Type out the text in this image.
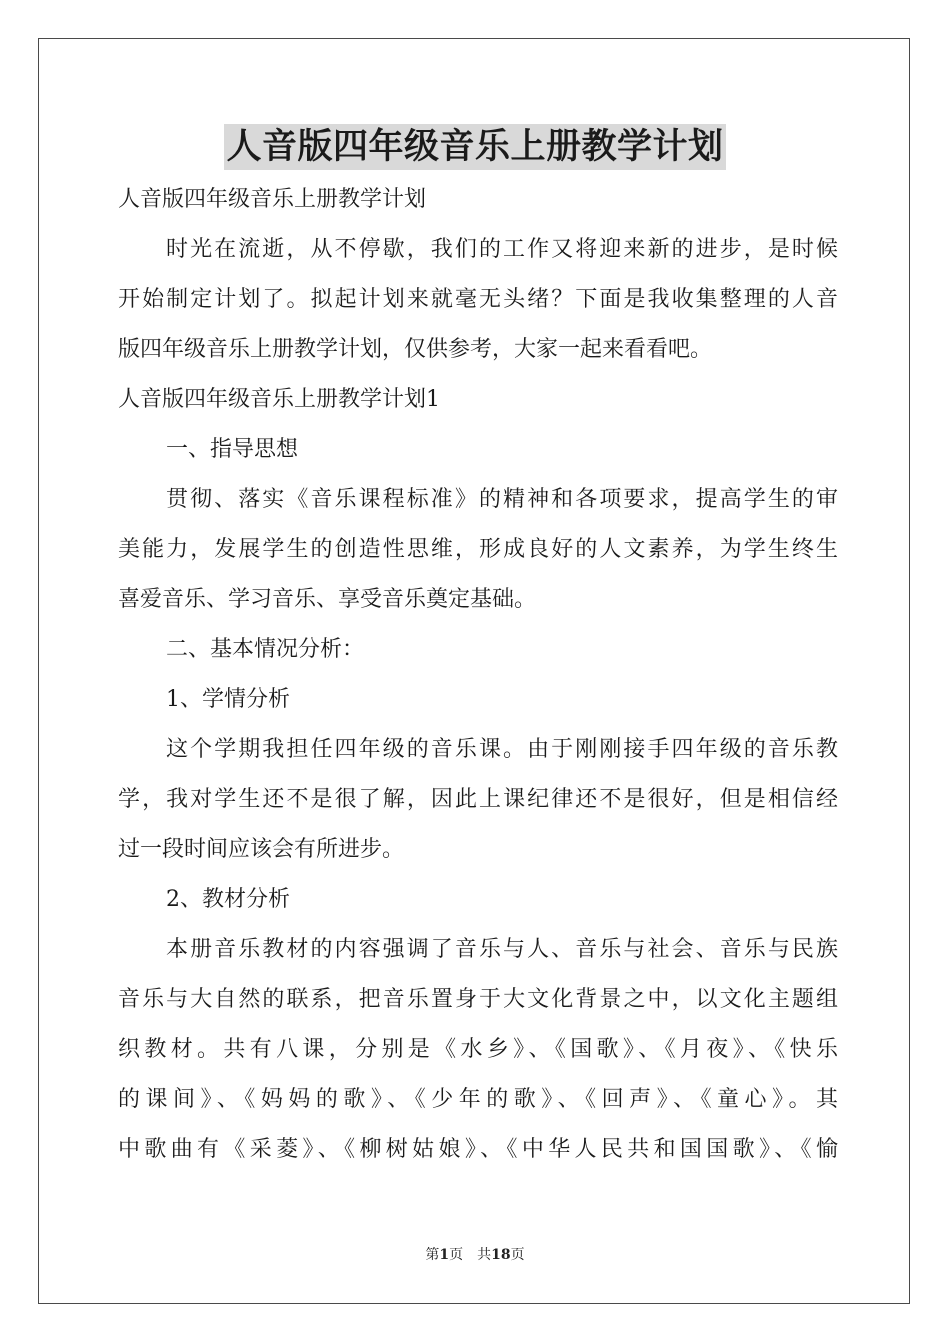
人音版四年级音乐上册教学计划
人音版四年级音乐上册教学计划
时光在流逝，从不停歇，我们的工作又将迎来新的进步，是时候
开始制定计划了。拟起计划来就毫无头绪？下面是我收集整理的人音
版四年级音乐上册教学计划，仅供参考，大家一起来看看吧。
人音版四年级音乐上册教学计划1
一、指导思想
贯彻、落实《音乐课程标准》的精神和各项要求，提高学生的审
美能力，发展学生的创造性思维，形成良好的人文素养，为学生终生
喜爱音乐、学习音乐、享受音乐奠定基础。
二、基本情况分析：
1、学情分析
这个学期我担任四年级的音乐课。由于刚刚接手四年级的音乐教
学，我对学生还不是很了解，因此上课纪律还不是很好，但是相信经
过一段时间应该会有所进步。
2、教材分析
本册音乐教材的内容强调了音乐与人、音乐与社会、音乐与民族
音乐与大自然的联系，把音乐置身于大文化背景之中，以文化主题组
织教材。共有八课，分别是《水乡》、《国歌》、《月夜》、《快乐
的课间》、《妈妈的歌》、《少年的歌》、《回声》、《童心》。其
中歌曲有《采菱》、《柳树姑娘》、《中华人民共和国国歌》、《愉
第1页　共18页
